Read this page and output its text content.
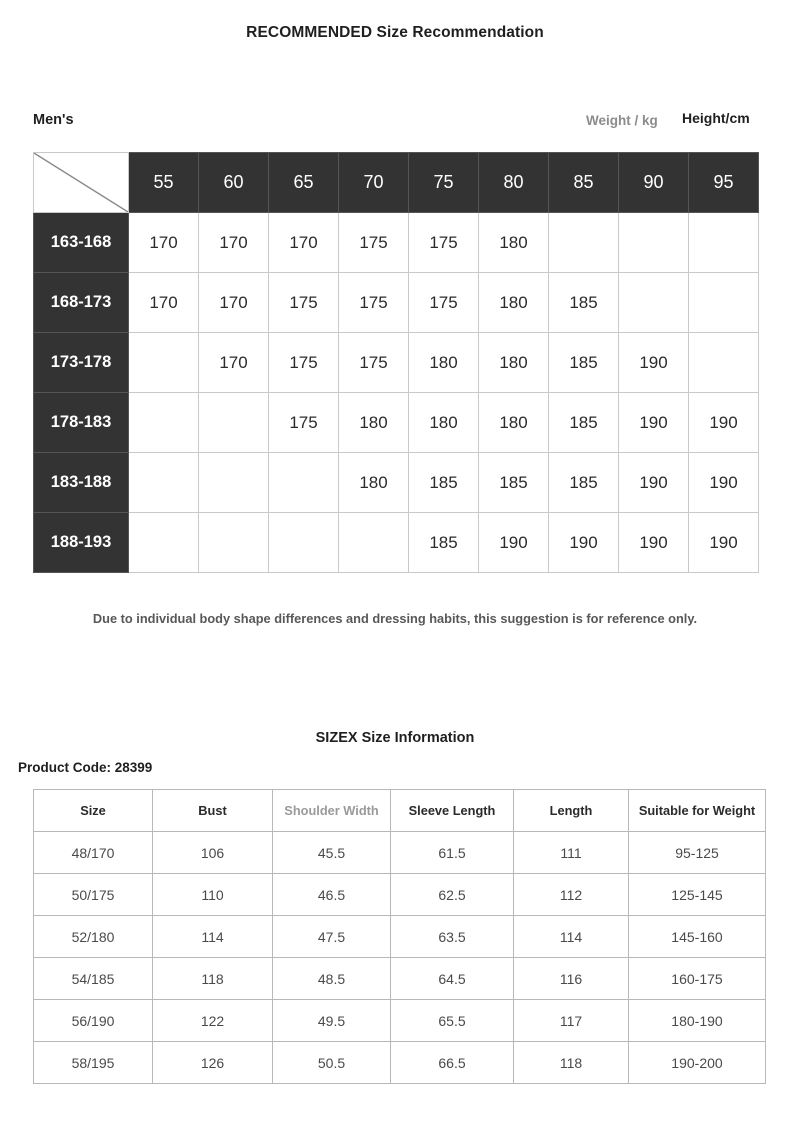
RECOMMENDED Size Recommendation
Men's	Weight / kg Height/cm
Weight
Height	55	60	65	70	75	80	85	90	95
163-168	170	170	170	175	175	180			
168-173	170	170	175	175	175	180	185		
173-178		170	175	175	180	180	185	190	
178-183			175	180	180	180	185	190	190
183-188				180	185	185	185	190	190
188-193					185	190	190	190	190
Due to individual body shape differences and dressing habits, this suggestion is for reference only.
SIZEX Size Information
Product Code: 28399
Size	Bust	Shoulder Width	Sleeve Length	Length	Suitable for Weight
48/170	106	45.5	61.5	111	95-125
50/175	110	46.5	62.5	112	125-145
52/180	114	47.5	63.5	114	145-160
54/185	118	48.5	64.5	116	160-175
56/190	122	49.5	65.5	117	180-190
58/195	126	50.5	66.5	118	190-200
